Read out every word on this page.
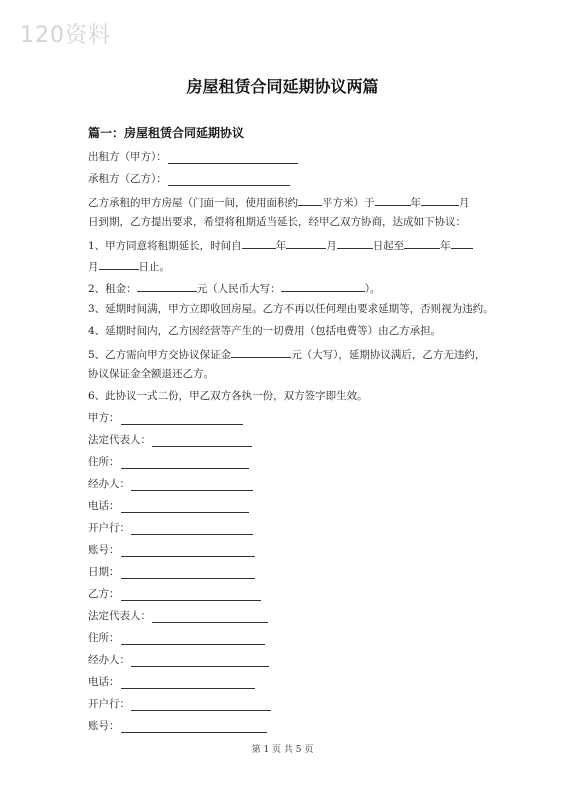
120资料
房屋租赁合同延期协议两篇
篇一：房屋租赁合同延期协议
出租方（甲方）：
承租方（乙方）：
乙方承租的甲方房屋（门面一间，使用面积约 平方米）于	年	月
日到期，乙方提出要求，希望将租期适当延长，经甲乙双方协商，达成如下协议：
1、甲方同意将租期延长，时间自	年	月	日起至	年
月	日止。
2、租金：	元（人民币大写：	）。
3、延期时间满，甲方立即收回房屋。乙方不再以任何理由要求延期等，否则视为违约。
4、延期时间内，乙方因经营等产生的一切费用（包括电费等）由乙方承担。
5、乙方需向甲方交协议保证金	元（大写），延期协议满后，乙方无违约，
协议保证金全额退还乙方。
6、此协议一式二份，甲乙双方各执一份，双方签字即生效。
甲方：
法定代表人：
住所：
经办人：
电话：
开户行：
账号：
日期：
乙方：
法定代表人：
住所：
经办人：
电话：
开户行：
账号：
第 1 页 共 5 页
